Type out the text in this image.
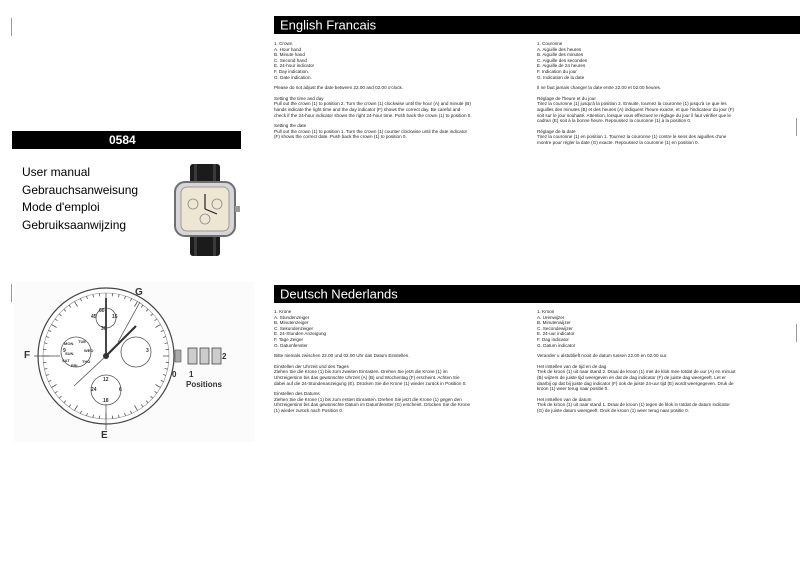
English Francais
Deutsch Nederlands
0584
User manual
Gebrauchsanweisung
Mode d'emploi
Gebruiksaanwijzing
G
F
E
0 1
2
Positions
60
9	3
15
45
30
MON TUE
WED
THU
FRI
SAT
SUN
12
6
18
24

1. Crown
A. Hour hand
B. Minute hand
C. Second hand
E. 24-hour indicator
F. Day indication.
G. Date indication.

Please do not adjust the date between 22.00 and 02.00 o'clock.

Setting the time and day
Pull out the crown (1) to position 2. Turn the crown (1) clockwise until the hour (A) and minute (B) hands indicate the right time and the day indicator (F) shows the correct day. Be careful and check if the 24-hour indicator shows the right 24-hour time. Push back the crown (1) to position 0.

Setting the date
Pull out the crown (1) to position 1. Turn the crown (1) counter clockwise until the date indicator (F) shows the correct date. Push back the crown (1) to position 0.

1. Couronne
A. Aiguille des heures
B. Aiguille des minutes
C. Aiguille des secondes
E. Aiguille de 24 heures
F. Indication du jour
G. Indication de la date

Il ne faut jamais changer la date entre 22.00 et 02.00 heures.

Réglage de l'heure et du jour
Tirez la couronne (1) jusqu'à la position 2. Ensuite, tournez la couronne (1) jusqu'à ce que les aiguilles des minutes (B) et des heures (A) indiquent l'heure exacte, et que l'indicateur du jour (F) soit sur le jour souhaité. Attention, lorsque vous effectuez le réglage du jour il faut vérifier que le cadran (E) soit à la bonne heure. Repoussez la couronne (1) à la position 0.

Réglage de la date
Tirez la couronne (1) en position 1. Tournez la couronne (1) contre le sens des aiguilles d'une montre pour régler la date (G) exacte. Repoussez la couronne (1) en position 0.

1. Krone
A. Stundenzeiger
B. Minutenzeiger
C. Sekundenzeiger
E. 24-Stunden Anzeigung
F. Tage Zeiger
G. Datumfenster

Bitte niemals zwischen 22.00 und 02.00 Uhr das Datum Einstellen.

Einstellen der Uhrzeit und des Tages
Ziehen Sie die Krone (1) bis zum zweiten Einrasten. Drehen Sie jetzt die Krone (1) im Uhrzeigersinn bis das gewünschte Uhrzeit (A) (B) und Wochentag (F) erscheint. Achten Sie dabei auf die 24-Stundenanzeigung (E). Drücken Sie die Krone (1) wieder zurück in Position 0.

Einstellen des Datums
Ziehen Sie die Krone (1) bis zum ersten Einrasten. Drehen Sie jetzt die Krone (1) gegen den Uhrzeigersinn bis das gewünschte Datum im Datumfenster (G) erscheint. Drücken Sie die Krone (1) wieder zurück nach Position 0.

1. Kroon
A. Urenwijzer
B. Minutenwijzer
C. Secondewijzer
E. 24-uur indicator
F. Dag indicator
G. Datum indicator

Verander u alstublieft nooit de datum tussen 22.00 en 02.00 uur.

Het instellen van de tijd en de dag
Trek de kroon (1) uit naar stand 2. Draai de kroon (1) met de klok mee totdat de uur (A) en minuut (B) wijzers de juiste tijd weergeven en dat de dag indicator (F) de juiste dag weergeeft. Let er daarbij op dat bij juiste dag indicator (F) ook de juiste 24-uur tijd (E) wordt weergegeven. Druk de kroon (1) weer terug naar positie 0.

Het instellen van de datum
Trek de kroon (1) uit naar stand 1. Draai de kroon (1) tegen de klok in totdat de datum indicator (G) de juiste datum weergeeft. Druk de kroon (1) weer terug naar positie 0.
